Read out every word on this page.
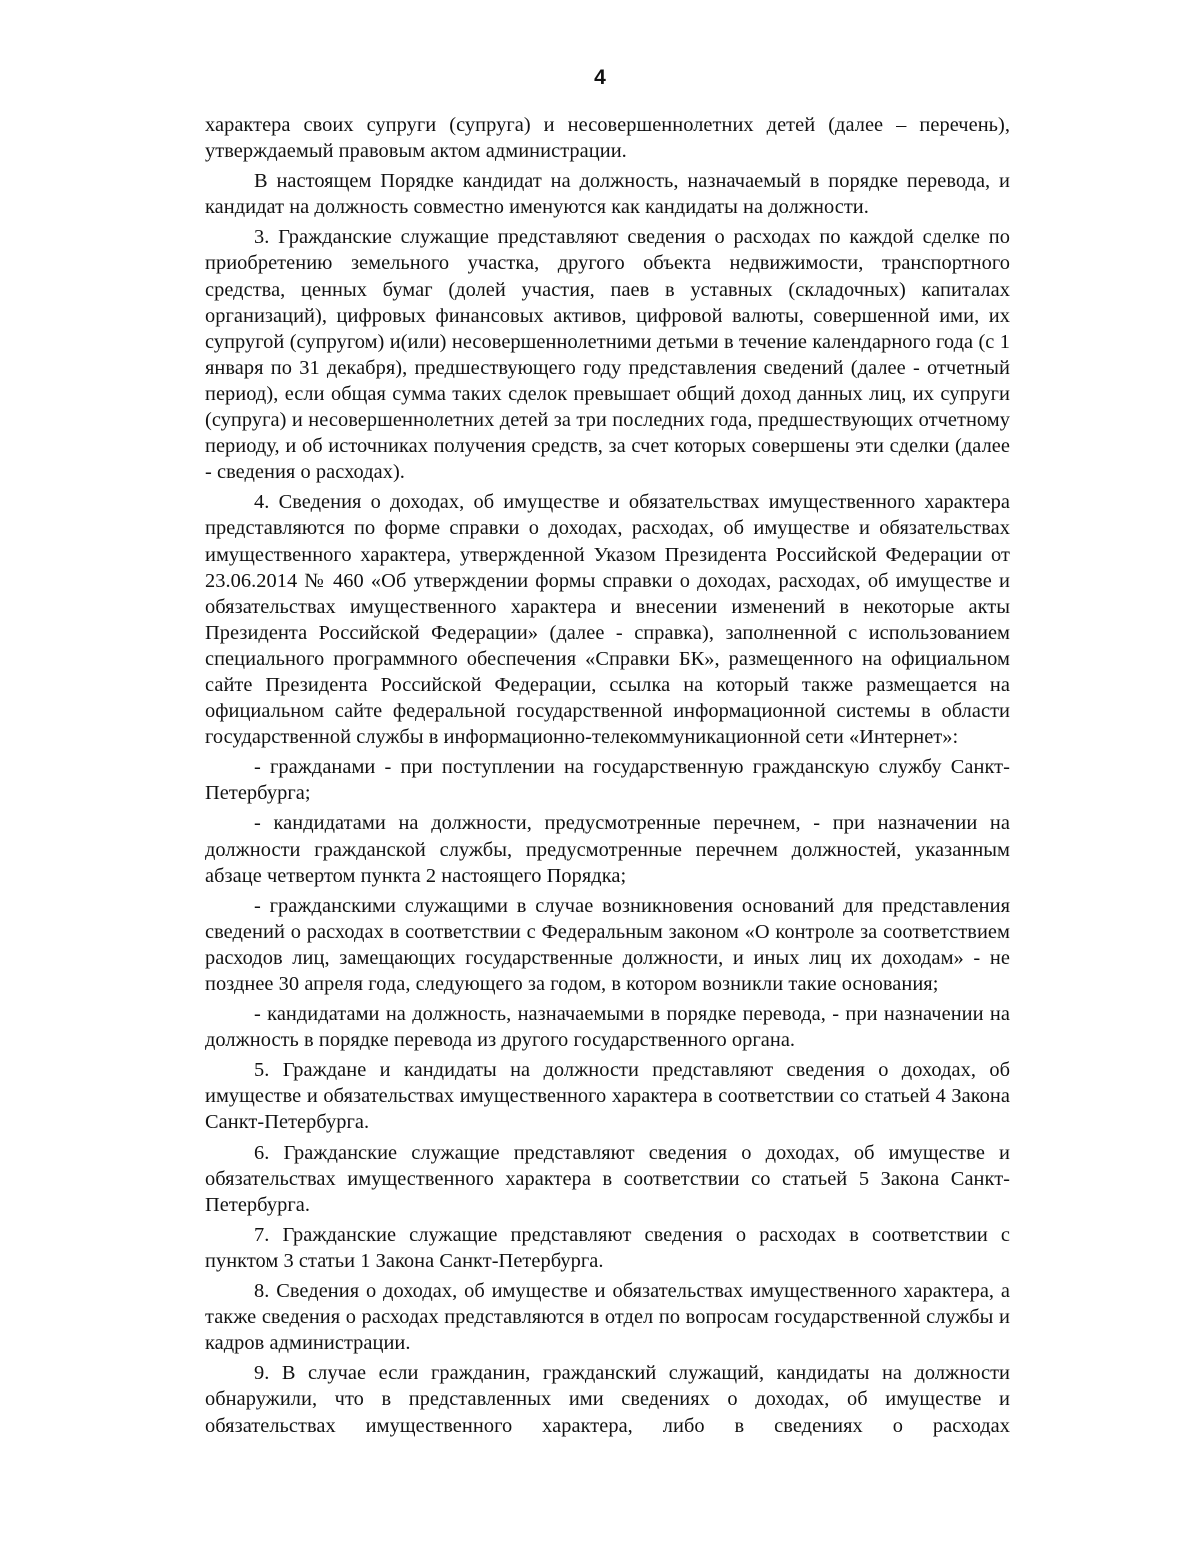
4

характера своих супруги (супруга) и несовершеннолетних детей (далее – перечень), утверждаемый правовым актом администрации.

В настоящем Порядке кандидат на должность, назначаемый в порядке перевода, и кандидат на должность совместно именуются как кандидаты на должности.

3. Гражданские служащие представляют сведения о расходах по каждой сделке по приобретению земельного участка, другого объекта недвижимости, транспортного средства, ценных бумаг (долей участия, паев в уставных (складочных) капиталах организаций), цифровых финансовых активов, цифровой валюты, совершенной ими, их супругой (супругом) и(или) несовершеннолетними детьми в течение календарного года (с 1 января по 31 декабря), предшествующего году представления сведений (далее - отчетный период), если общая сумма таких сделок превышает общий доход данных лиц, их супруги (супруга) и несовершеннолетних детей за три последних года, предшествующих отчетному периоду, и об источниках получения средств, за счет которых совершены эти сделки (далее - сведения о расходах).

4. Сведения о доходах, об имуществе и обязательствах имущественного характера представляются по форме справки о доходах, расходах, об имуществе и обязательствах имущественного характера, утвержденной Указом Президента Российской Федерации от 23.06.2014 № 460 «Об утверждении формы справки о доходах, расходах, об имуществе и обязательствах имущественного характера и внесении изменений в некоторые акты Президента Российской Федерации» (далее - справка), заполненной с использованием специального программного обеспечения «Справки БК», размещенного на официальном сайте Президента Российской Федерации, ссылка на который также размещается на официальном сайте федеральной государственной информационной системы в области государственной службы в информационно-телекоммуникационной сети «Интернет»:

- гражданами - при поступлении на государственную гражданскую службу Санкт-Петербурга;

- кандидатами на должности, предусмотренные перечнем, - при назначении на должности гражданской службы, предусмотренные перечнем должностей, указанным абзаце четвертом пункта 2 настоящего Порядка;

- гражданскими служащими в случае возникновения оснований для представления сведений о расходах в соответствии с Федеральным законом «О контроле за соответствием расходов лиц, замещающих государственные должности, и иных лиц их доходам» - не позднее 30 апреля года, следующего за годом, в котором возникли такие основания;

- кандидатами на должность, назначаемыми в порядке перевода, - при назначении на должность в порядке перевода из другого государственного органа.

5. Граждане и кандидаты на должности представляют сведения о доходах, об имуществе и обязательствах имущественного характера в соответствии со статьей 4 Закона Санкт-Петербурга.

6. Гражданские служащие представляют сведения о доходах, об имуществе и обязательствах имущественного характера в соответствии со статьей 5 Закона Санкт-Петербурга.

7. Гражданские служащие представляют сведения о расходах в соответствии с пунктом 3 статьи 1 Закона Санкт-Петербурга.

8. Сведения о доходах, об имуществе и обязательствах имущественного характера, а также сведения о расходах представляются в отдел по вопросам государственной службы и кадров администрации.

9. В случае если гражданин, гражданский служащий, кандидаты на должности обнаружили, что в представленных ими сведениях о доходах, об имуществе и обязательствах имущественного характера, либо в сведениях о расходах
